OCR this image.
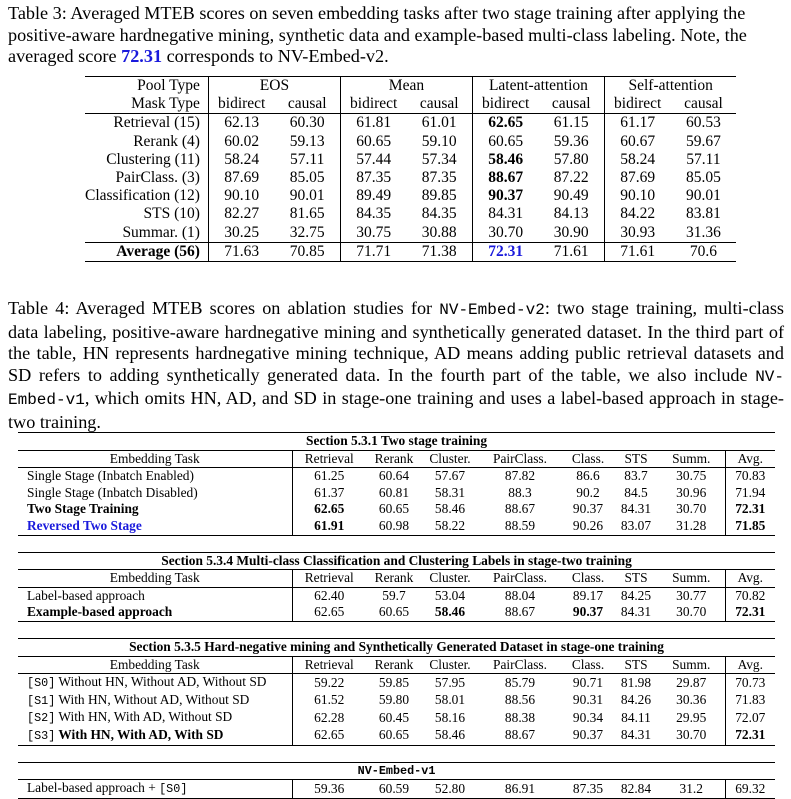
Table 3: Averaged MTEB scores on seven embedding tasks after two stage training after applying the positive-aware hardnegative mining, synthetic data and example-based multi-class labeling. Note, the averaged score 72.31 corresponds to NV-Embed-v2.

Pool Type	EOS		Mean		Latent-attention		Self-attention	
Mask Type	bidirect	causal	bidirect	causal	bidirect	causal	bidirect	causal
Retrieval (15)	62.13	60.30	61.81	61.01	62.65	61.15	61.17	60.53
Rerank (4)	60.02	59.13	60.65	59.10	60.65	59.36	60.67	59.67
Clustering (11)	58.24	57.11	57.44	57.34	58.46	57.80	58.24	57.11
PairClass. (3)	87.69	85.05	87.35	87.35	88.67	87.22	87.69	85.05
Classification (12)	90.10	90.01	89.49	89.85	90.37	90.49	90.10	90.01
STS (10)	82.27	81.65	84.35	84.35	84.31	84.13	84.22	83.81
Summar. (1)	30.25	32.75	30.75	30.88	30.70	30.90	30.93	31.36
Average (56)	71.63	70.85	71.71	71.38	72.31	71.61	71.61	70.6

Table 4: Averaged MTEB scores on ablation studies for NV-Embed-v2: two stage training, multi-class data labeling, positive-aware hardnegative mining and synthetically generated dataset. In the third part of the table, HN represents hardnegative mining technique, AD means adding public retrieval datasets and SD refers to adding synthetically generated data. In the fourth part of the table, we also include NV-Embed-v1, which omits HN, AD, and SD in stage-one training and uses a label-based approach in stage-two training.

Section 5.3.1 Two stage training								
Embedding Task	Retrieval	Rerank	Cluster.	PairClass.	Class.	STS	Summ.	Avg.
Single Stage (Inbatch Enabled)	61.25	60.64	57.67	87.82	86.6	83.7	30.75	70.83
Single Stage (Inbatch Disabled)	61.37	60.81	58.31	88.3	90.2	84.5	30.96	71.94
Two Stage Training	62.65	60.65	58.46	88.67	90.37	84.31	30.70	72.31
Reversed Two Stage	61.91	60.98	58.22	88.59	90.26	83.07	31.28	71.85

Section 5.3.4 Multi-class Classification and Clustering Labels in stage-two training								
Embedding Task	Retrieval	Rerank	Cluster.	PairClass.	Class.	STS	Summ.	Avg.
Label-based approach	62.40	59.7	53.04	88.04	89.17	84.25	30.77	70.82
Example-based approach	62.65	60.65	58.46	88.67	90.37	84.31	30.70	72.31

Section 5.3.5 Hard-negative mining and Synthetically Generated Dataset in stage-one training								
Embedding Task	Retrieval	Rerank	Cluster.	PairClass.	Class.	STS	Summ.	Avg.
[S0] Without HN, Without AD, Without SD	59.22	59.85	57.95	85.79	90.71	81.98	29.87	70.73
[S1] With HN, Without AD, Without SD	61.52	59.80	58.01	88.56	90.31	84.26	30.36	71.83
[S2] With HN, With AD, Without SD	62.28	60.45	58.16	88.38	90.34	84.11	29.95	72.07
[S3] With HN, With AD, With SD	62.65	60.65	58.46	88.67	90.37	84.31	30.70	72.31

NV-Embed-v1								
Label-based approach + [S0]	59.36	60.59	52.80	86.91	87.35	82.84	31.2	69.32
